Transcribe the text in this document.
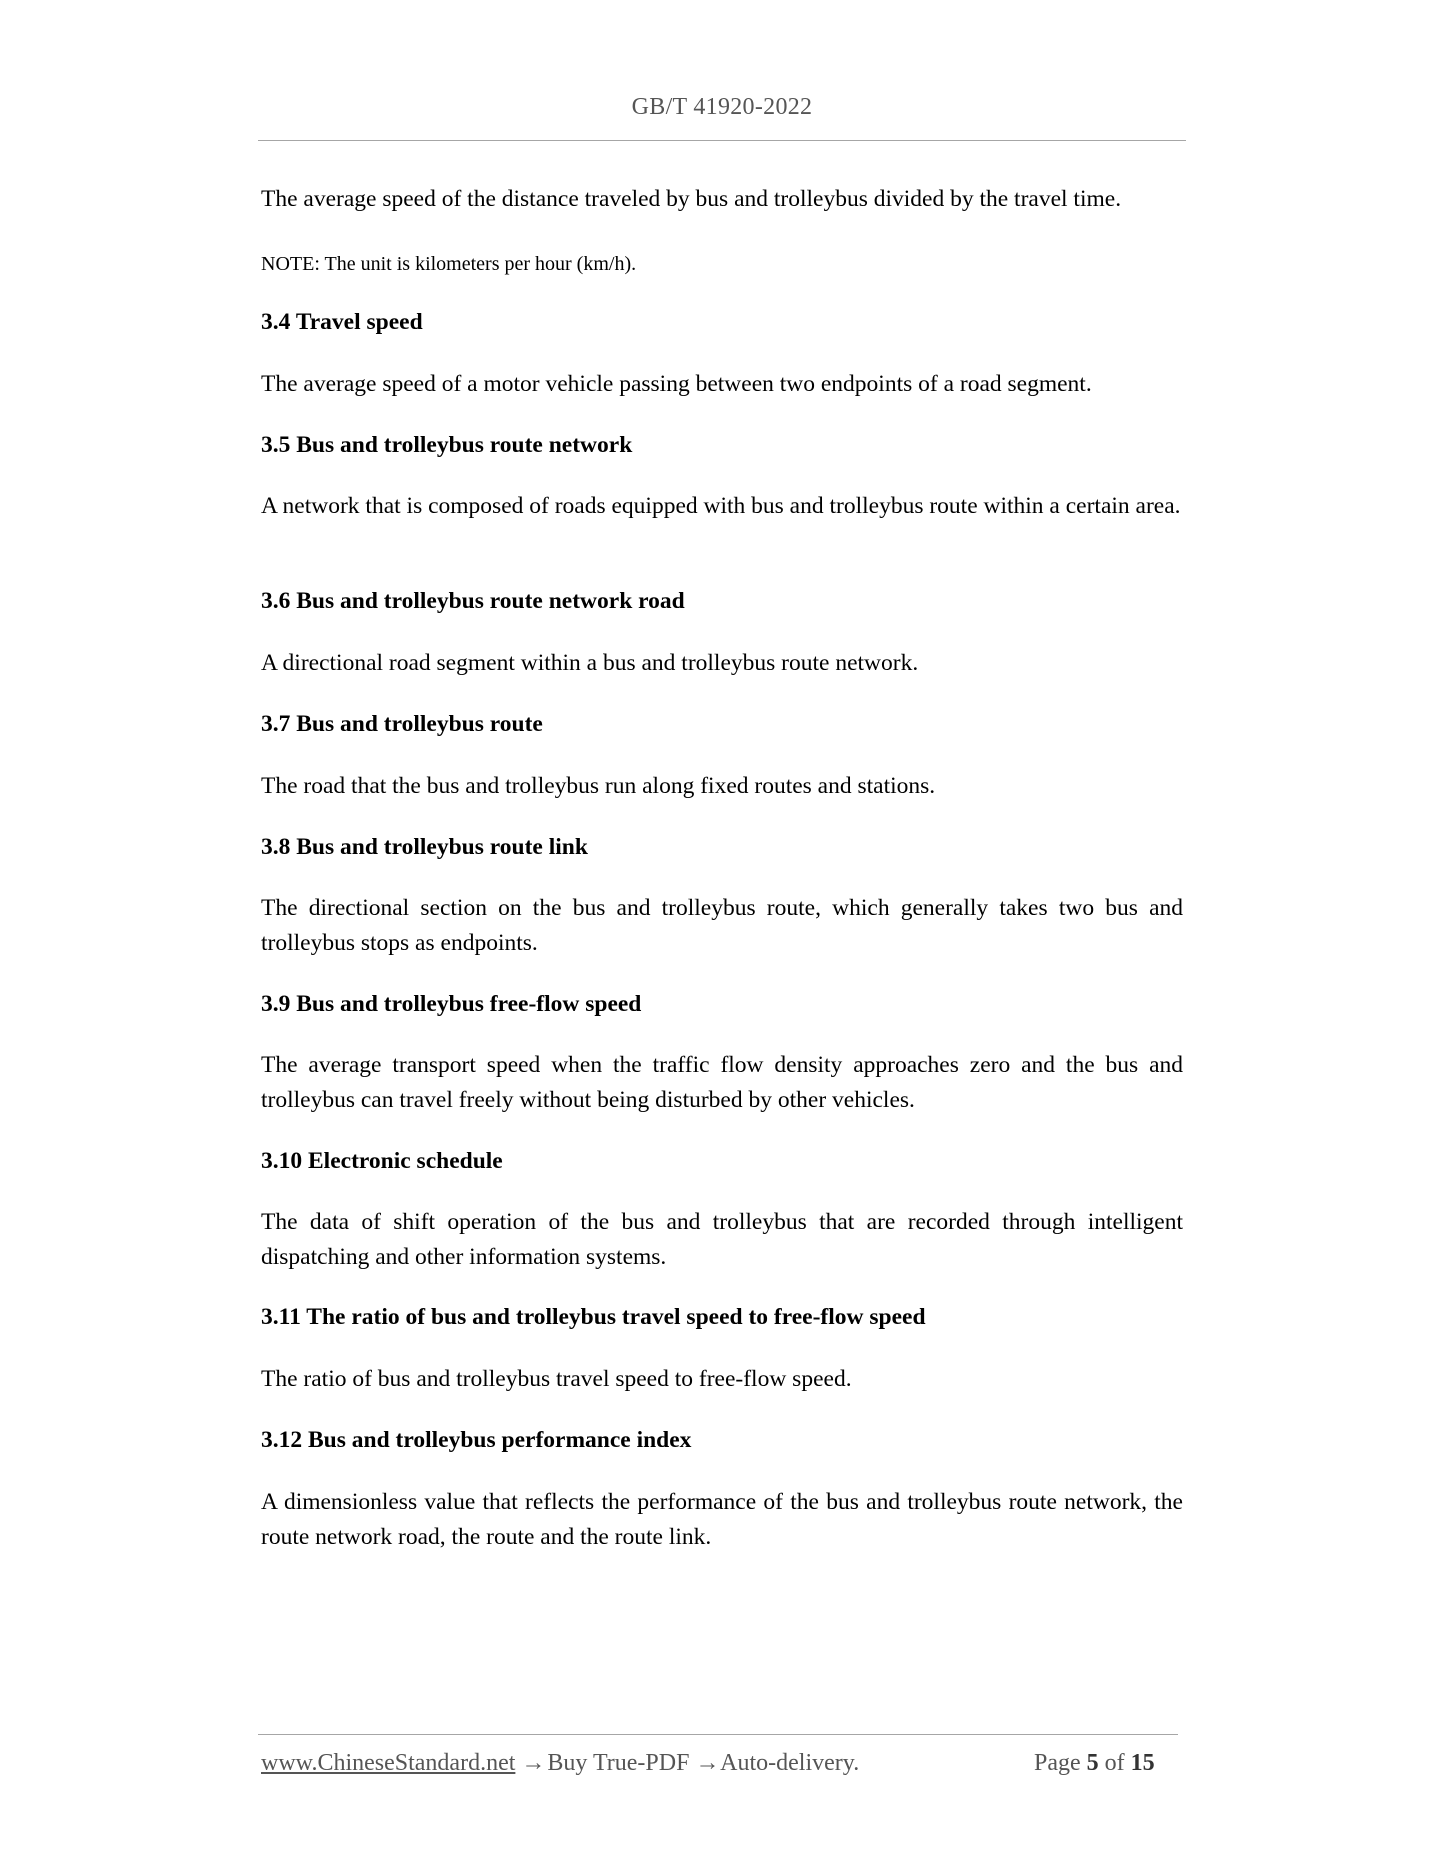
GB/T 41920-2022

The average speed of the distance traveled by bus and trolleybus divided by the travel time.

NOTE: The unit is kilometers per hour (km/h).

3.4 Travel speed

The average speed of a motor vehicle passing between two endpoints of a road segment.

3.5 Bus and trolleybus route network

A network that is composed of roads equipped with bus and trolleybus route within a certain area.

3.6 Bus and trolleybus route network road

A directional road segment within a bus and trolleybus route network.

3.7 Bus and trolleybus route

The road that the bus and trolleybus run along fixed routes and stations.

3.8 Bus and trolleybus route link

The directional section on the bus and trolleybus route, which generally takes two bus and trolleybus stops as endpoints.

3.9 Bus and trolleybus free-flow speed

The average transport speed when the traffic flow density approaches zero and the bus and trolleybus can travel freely without being disturbed by other vehicles.

3.10 Electronic schedule

The data of shift operation of the bus and trolleybus that are recorded through intelligent dispatching and other information systems.

3.11 The ratio of bus and trolleybus travel speed to free-flow speed

The ratio of bus and trolleybus travel speed to free-flow speed.

3.12 Bus and trolleybus performance index

A dimensionless value that reflects the performance of the bus and trolleybus route network, the route network road, the route and the route link.

www.ChineseStandard.net → Buy True-PDF → Auto-delivery.	Page 5 of 15
